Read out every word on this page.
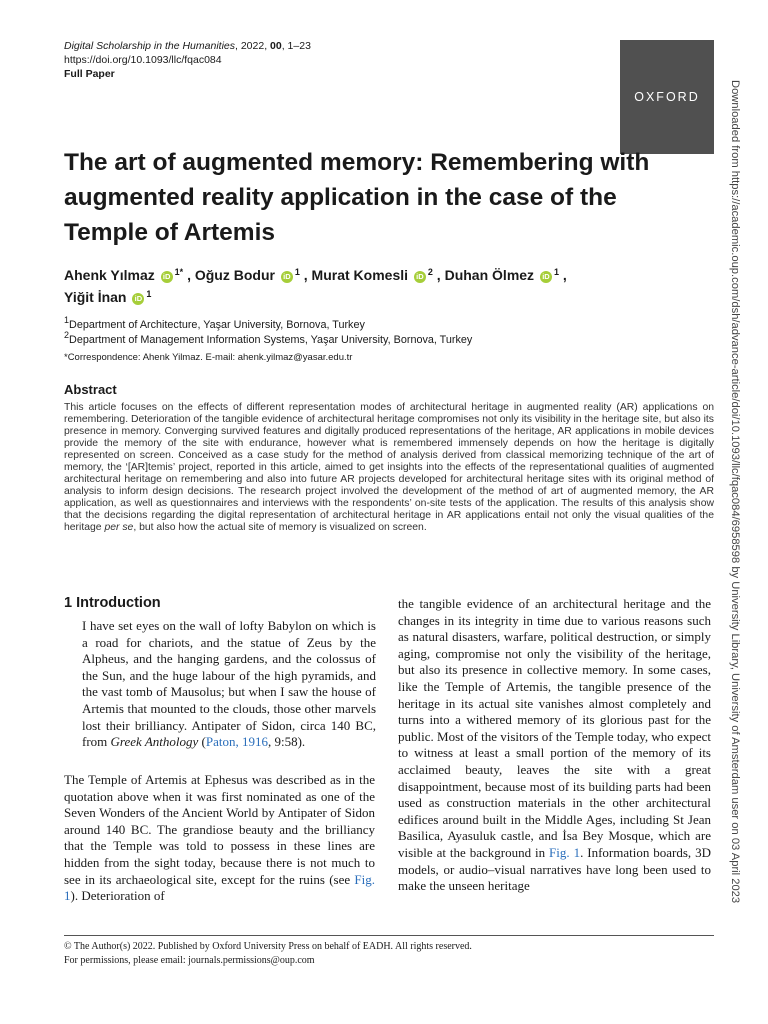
Digital Scholarship in the Humanities, 2022, 00, 1–23
https://doi.org/10.1093/llc/fqac084
Full Paper
OXFORD	Downloaded from https://academic.oup.com/dsh/advance-article/doi/10.1093/llc/fqac084/6958598 by University Library, University of Amsterdam user on 03 April 2023
The art of augmented memory: Remembering with augmented reality application in the case of the Temple of Artemis
Ahenk Yılmaz iD $^{1*}$ , Oğuz Bodur iD $^1$ , Murat Komesli iD $^2$ , Duhan Ölmez iD $^1$ ,
Yiğit İnan iD $^1$
$^1$Department of Architecture, Yaşar University, Bornova, Turkey
$^2$Department of Management Information Systems, Yaşar University, Bornova, Turkey
*Correspondence: Ahenk Yilmaz. E-mail: ahenk.yilmaz@yasar.edu.tr
Abstract
This article focuses on the effects of different representation modes of architectural heritage in augmented reality (AR) applications on remembering. Deterioration of the tangible evidence of architectural heritage compromises not only its visibility in the heritage site, but also its presence in memory. Converging survived features and digitally produced representations of the heritage, AR applications in mobile devices provide the memory of the site with endurance, however what is remembered immensely depends on how the heritage is digitally represented on screen. Conceived as a case study for the method of analysis derived from classical memorizing technique of the art of memory, the ‘[AR]temis’ project, reported in this article, aimed to get insights into the effects of the representational qualities of augmented architectural heritage on remembering and also into future AR projects developed for architectural heritage sites with its original method of analysis to inform design decisions. The research project involved the development of the method of art of augmented memory, the AR application, as well as questionnaires and interviews with the respondents’ on-site tests of the application. The results of this analysis show that the decisions regarding the digital representation of architectural heritage in AR applications entail not only the visual qualities of the heritage per se, but also how the actual site of memory is visualized on screen.
1 Introduction
I have set eyes on the wall of lofty Babylon on which is a road for chariots, and the statue of Zeus by the Alpheus, and the hanging gardens, and the colossus of the Sun, and the huge labour of the high pyramids, and the vast tomb of Mausolus; but when I saw the house of Artemis that mounted to the clouds, those other marvels lost their brilliancy. Antipater of Sidon, circa 140 BC, from Greek Anthology (Paton, 1916, 9:58).
The Temple of Artemis at Ephesus was described as in the quotation above when it was first nominated as one of the Seven Wonders of the Ancient World by Antipater of Sidon around 140 BC. The grandiose beauty and the brilliancy that the Temple was told to possess in these lines are hidden from the sight today, because there is not much to see in its archaeological site, except for the ruins (see Fig. 1). Deterioration of
the tangible evidence of an architectural heritage and the changes in its integrity in time due to various reasons such as natural disasters, warfare, political destruction, or simply aging, compromise not only the visibility of the heritage, but also its presence in collective memory. In some cases, like the Temple of Artemis, the tangible presence of the heritage in its actual site vanishes almost completely and turns into a withered memory of its glorious past for the public. Most of the visitors of the Temple today, who expect to witness at least a small portion of the memory of its acclaimed beauty, leaves the site with a great disappointment, because most of its building parts had been used as construction materials in the other architectural edifices around built in the Middle Ages, including St Jean Basilica, Ayasuluk castle, and İsa Bey Mosque, which are visible at the background in Fig. 1. Information boards, 3D models, or audio–visual narratives have long been used to make the unseen heritage
© The Author(s) 2022. Published by Oxford University Press on behalf of EADH. All rights reserved.
For permissions, please email: journals.permissions@oup.com
